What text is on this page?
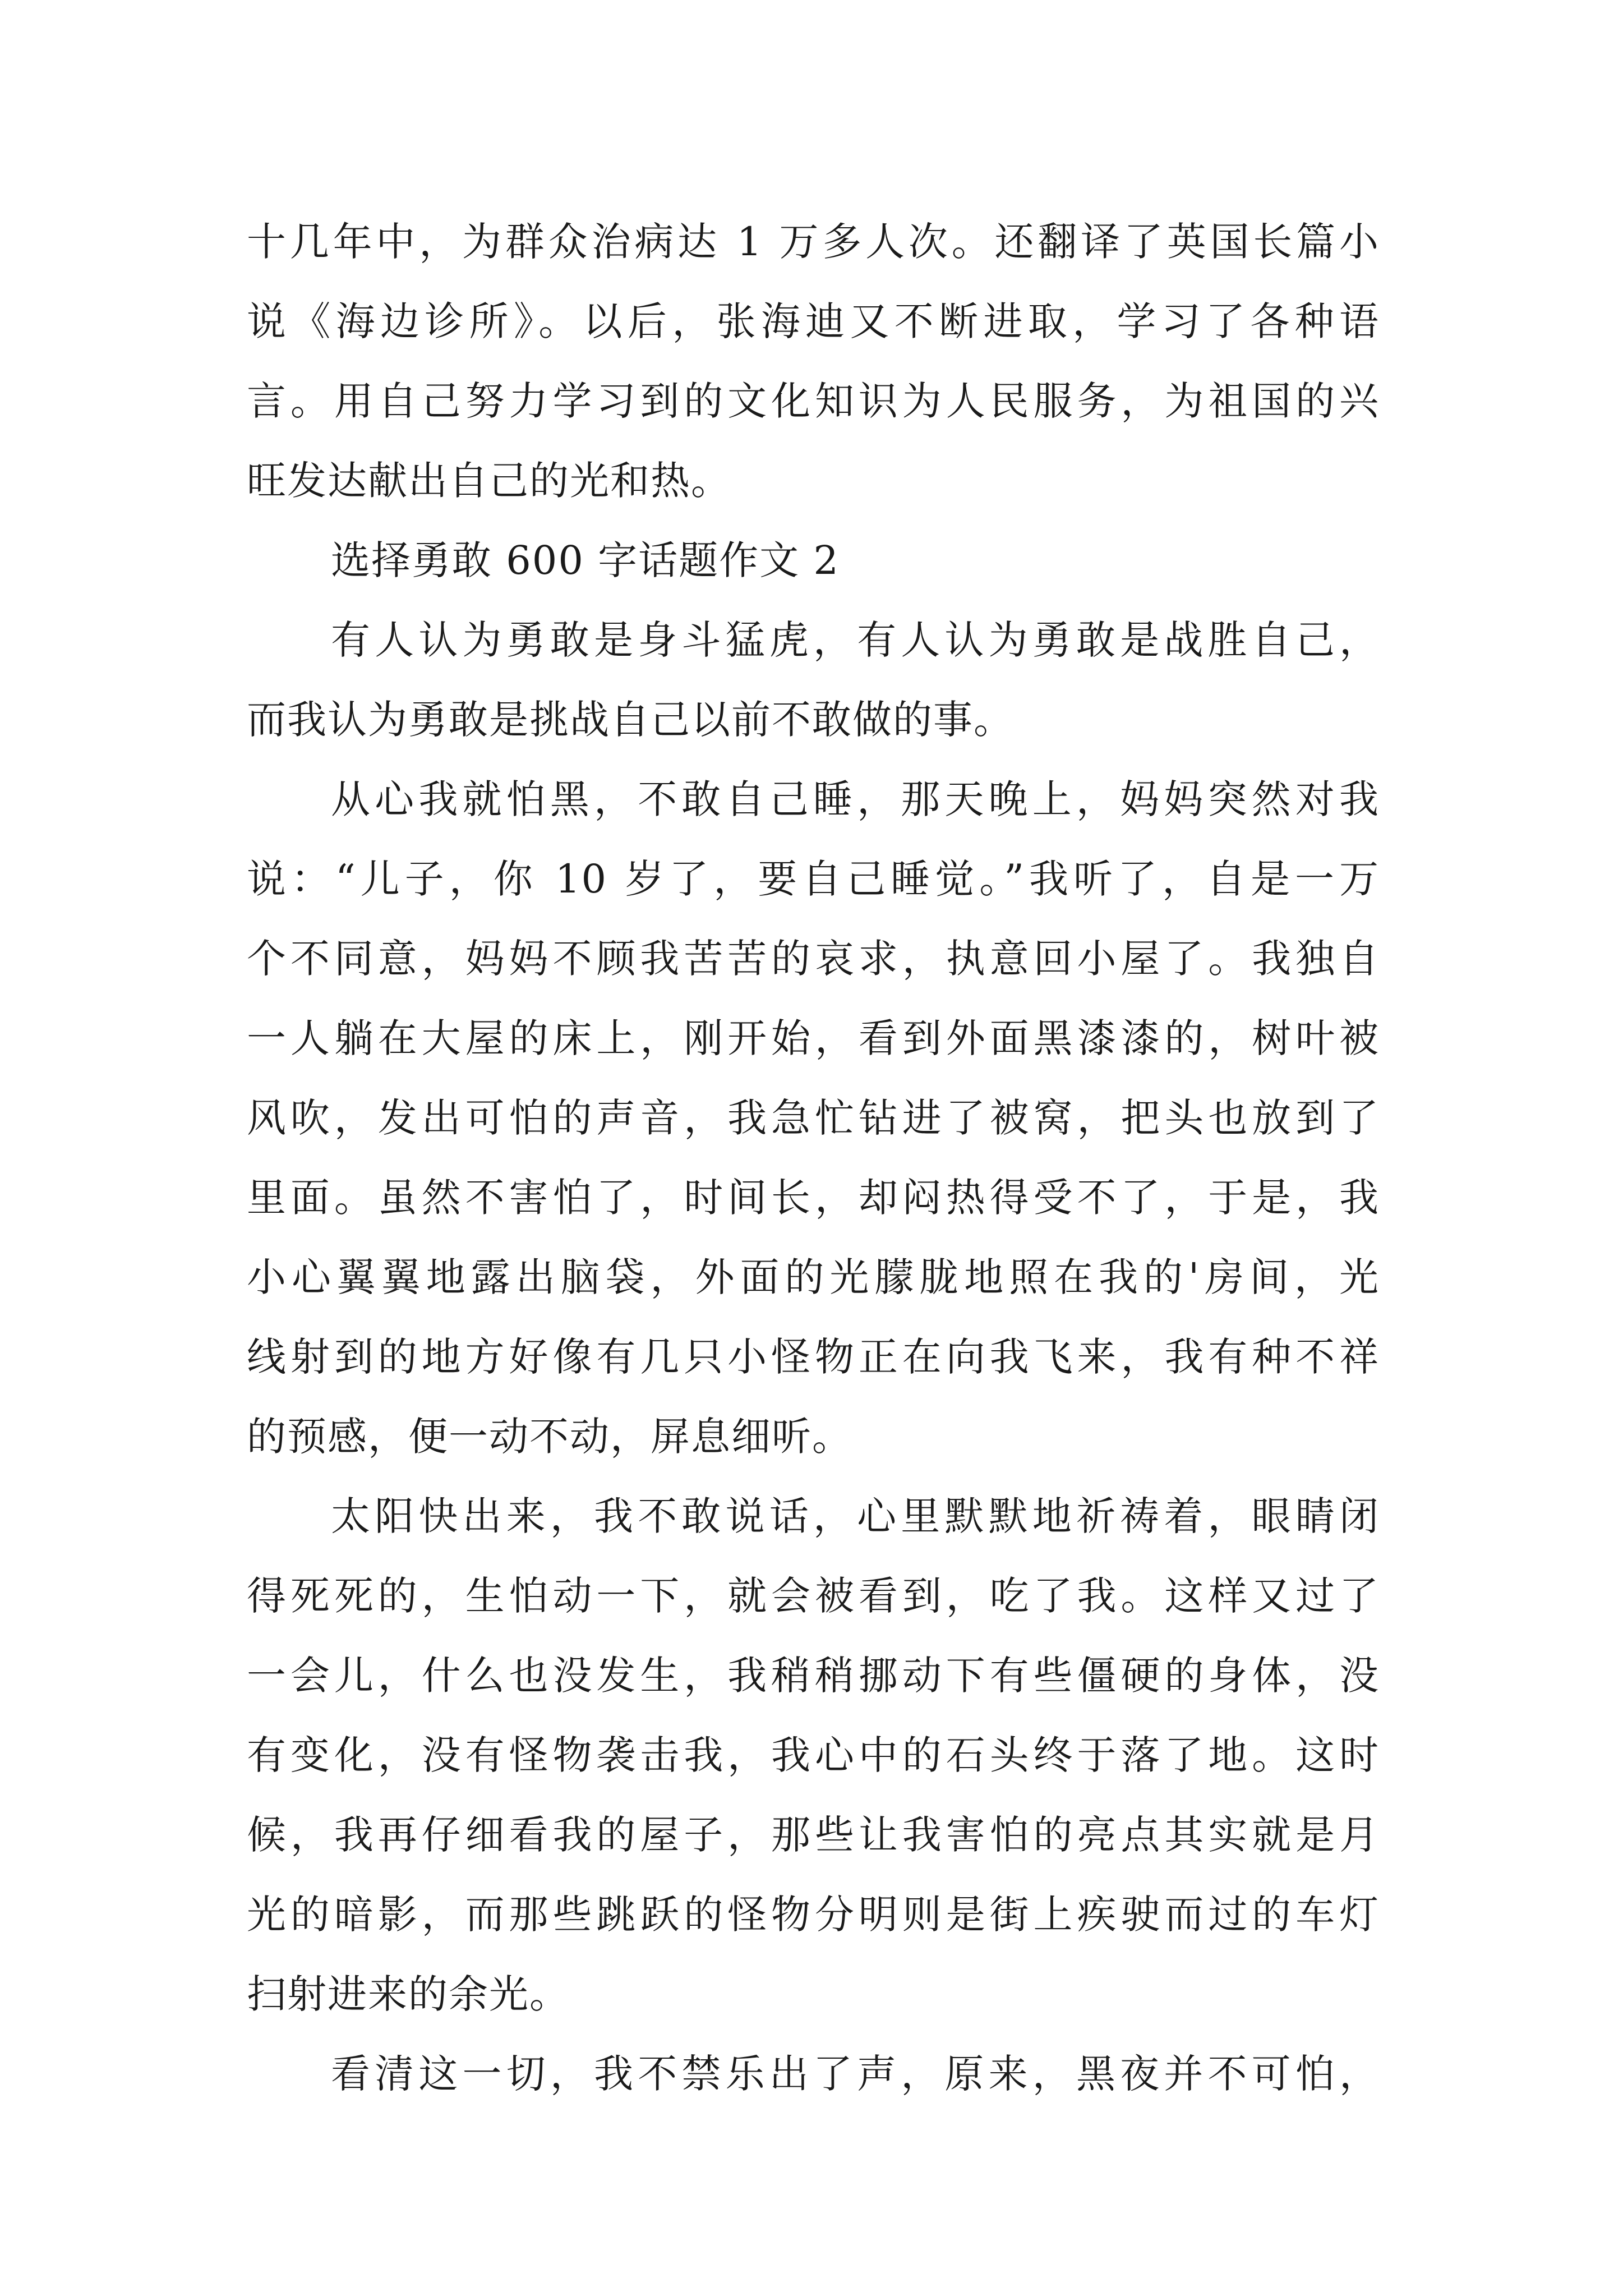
十几年中，为群众治病达 1 万多人次。还翻译了英国长篇小
说《海边诊所》。以后，张海迪又不断进取，学习了各种语
言。用自己努力学习到的文化知识为人民服务，为祖国的兴
旺发达献出自己的光和热。
选择勇敢 600 字话题作文 2
有人认为勇敢是身斗猛虎，有人认为勇敢是战胜自己，
而我认为勇敢是挑战自己以前不敢做的事。
从心我就怕黑，不敢自己睡，那天晚上，妈妈突然对我
说：“儿子，你 10 岁了，要自己睡觉。”我听了，自是一万
个不同意，妈妈不顾我苦苦的哀求，执意回小屋了。我独自
一人躺在大屋的床上，刚开始，看到外面黑漆漆的，树叶被
风吹，发出可怕的声音，我急忙钻进了被窝，把头也放到了
里面。虽然不害怕了，时间长，却闷热得受不了，于是，我
小心翼翼地露出脑袋，外面的光朦胧地照在我的'房间，光
线射到的地方好像有几只小怪物正在向我飞来，我有种不祥
的预感，便一动不动，屏息细听。
太阳快出来，我不敢说话，心里默默地祈祷着，眼睛闭
得死死的，生怕动一下，就会被看到，吃了我。这样又过了
一会儿，什么也没发生，我稍稍挪动下有些僵硬的身体，没
有变化，没有怪物袭击我，我心中的石头终于落了地。这时
候，我再仔细看我的屋子，那些让我害怕的亮点其实就是月
光的暗影，而那些跳跃的怪物分明则是街上疾驶而过的车灯
扫射进来的余光。
看清这一切，我不禁乐出了声，原来，黑夜并不可怕，
